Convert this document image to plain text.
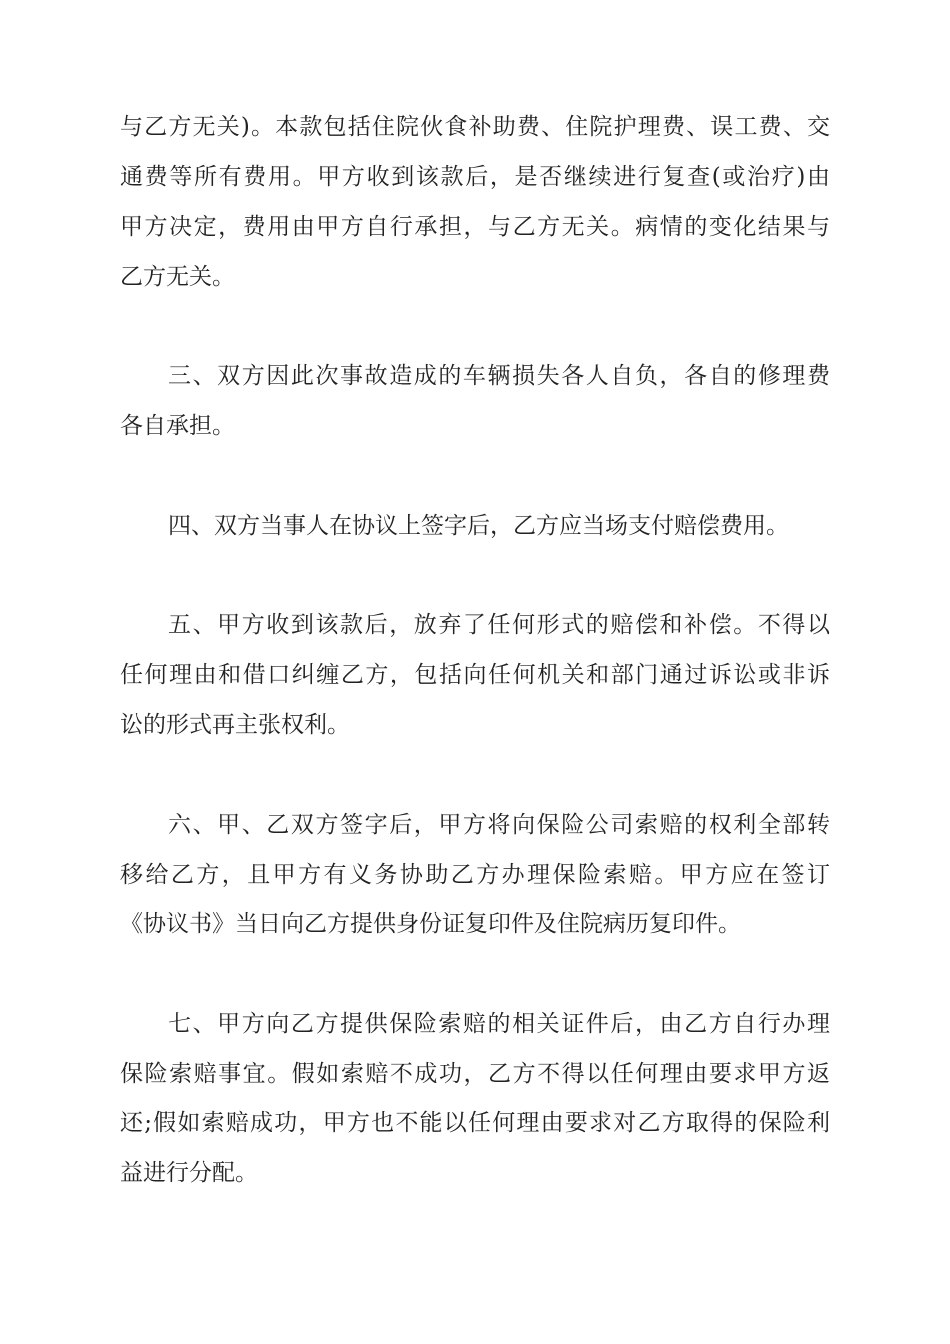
与乙方无关)。本款包括住院伙食补助费、住院护理费、误工费、交
通费等所有费用。甲方收到该款后，是否继续进行复查(或治疗)由
甲方决定，费用由甲方自行承担，与乙方无关。病情的变化结果与
乙方无关。
三、双方因此次事故造成的车辆损失各人自负，各自的修理费
各自承担。
四、双方当事人在协议上签字后，乙方应当场支付赔偿费用。
五、甲方收到该款后，放弃了任何形式的赔偿和补偿。不得以
任何理由和借口纠缠乙方，包括向任何机关和部门通过诉讼或非诉
讼的形式再主张权利。
六、甲、乙双方签字后，甲方将向保险公司索赔的权利全部转
移给乙方，且甲方有义务协助乙方办理保险索赔。甲方应在签订
《协议书》当日向乙方提供身份证复印件及住院病历复印件。
七、甲方向乙方提供保险索赔的相关证件后，由乙方自行办理
保险索赔事宜。假如索赔不成功，乙方不得以任何理由要求甲方返
还;假如索赔成功，甲方也不能以任何理由要求对乙方取得的保险利
益进行分配。
